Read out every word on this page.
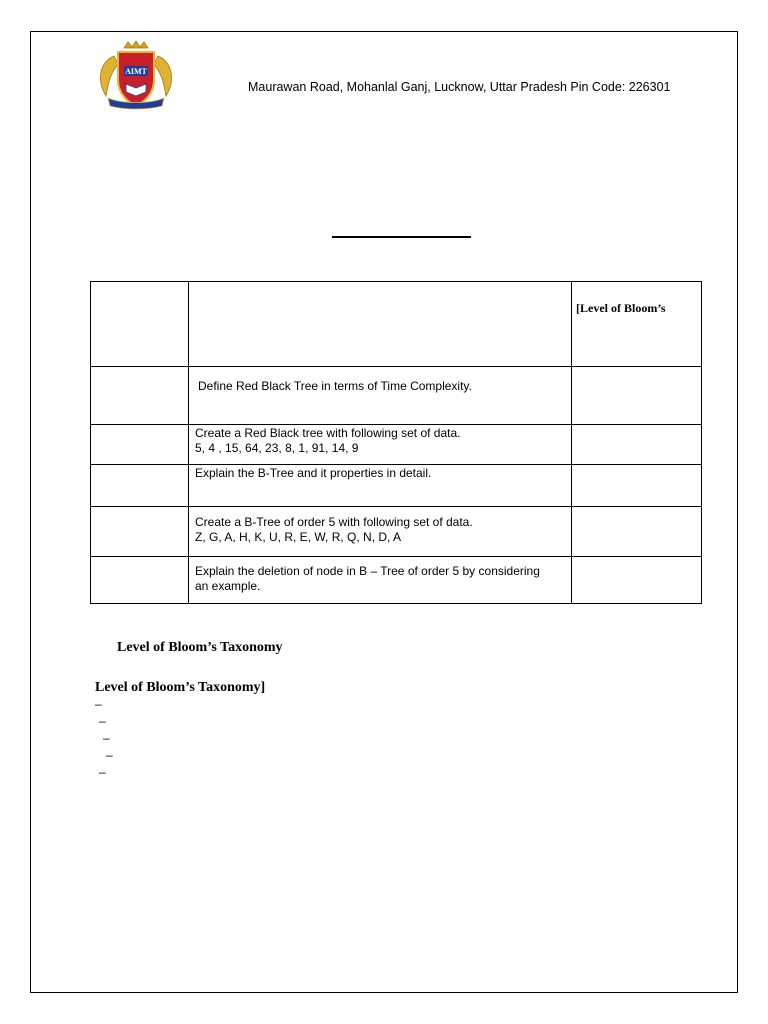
AIMT
Maurawan Road, Mohanlal Ganj, Lucknow, Uttar Pradesh Pin Code: 226301
		[Level of Bloom’s

	Define Red Black Tree in terms of Time Complexity.	

	Create a Red Black tree with following set of data.
5, 4 , 15, 64, 23, 8, 1, 91, 14, 9	

	Explain the B-Tree and it properties in detail.	

	Create a B-Tree of order 5 with following set of data.
Z, G, A, H, K, U, R, E, W, R, Q, N, D, A	

	Explain the deletion of node in B – Tree of order 5 by considering
an example.	

Level of Bloom’s Taxonomy
Level of Bloom’s Taxonomy]
–
–
–
–
–
